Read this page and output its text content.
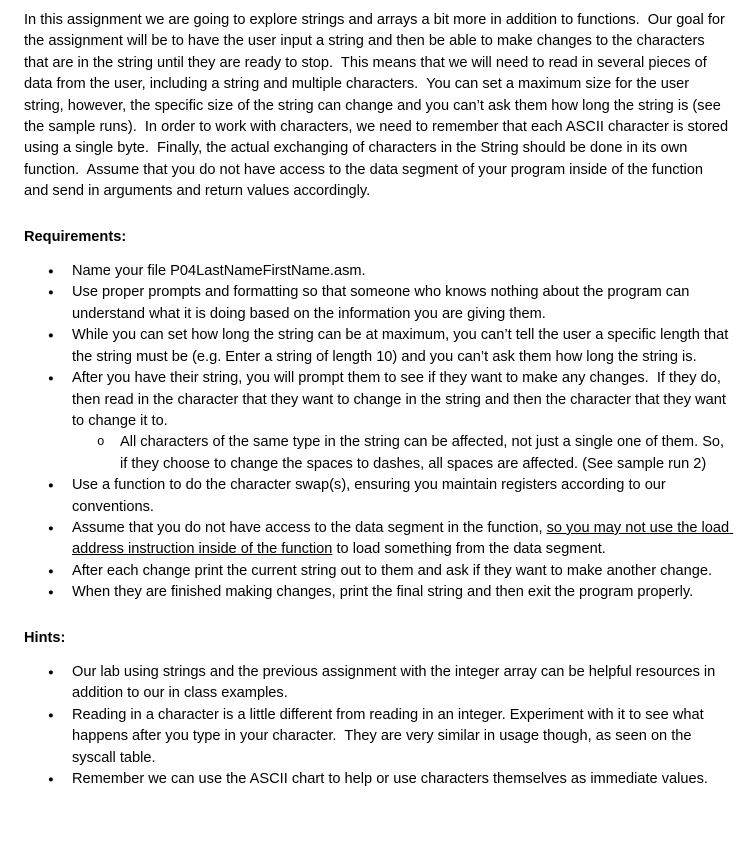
In this assignment we are going to explore strings and arrays a bit more in addition to functions.  Our goal for the assignment will be to have the user input a string and then be able to make changes to the characters that are in the string until they are ready to stop.  This means that we will need to read in several pieces of data from the user, including a string and multiple characters.  You can set a maximum size for the user string, however, the specific size of the string can change and you can’t ask them how long the string is (see the sample runs).  In order to work with characters, we need to remember that each ASCII character is stored using a single byte.  Finally, the actual exchanging of characters in the String should be done in its own function.  Assume that you do not have access to the data segment of your program inside of the function and send in arguments and return values accordingly.

Requirements:

●	Name your file P04LastNameFirstName.asm.
●	Use proper prompts and formatting so that someone who knows nothing about the program can understand what it is doing based on the information you are giving them.
●	While you can set how long the string can be at maximum, you can’t tell the user a specific length that the string must be (e.g. Enter a string of length 10) and you can’t ask them how long the string is.
●	After you have their string, you will prompt them to see if they want to make any changes.  If they do, then read in the character that they want to change in the string and then the character that they want to change it to.
o	All characters of the same type in the string can be affected, not just a single one of them. So, if they choose to change the spaces to dashes, all spaces are affected. (See sample run 2)
●	Use a function to do the character swap(s), ensuring you maintain registers according to our conventions.
●	Assume that you do not have access to the data segment in the function, so you may not use the load address instruction inside of the function to load something from the data segment.
●	After each change print the current string out to them and ask if they want to make another change.
●	When they are finished making changes, print the final string and then exit the program properly.

Hints:

●	Our lab using strings and the previous assignment with the integer array can be helpful resources in addition to our in class examples.
●	Reading in a character is a little different from reading in an integer. Experiment with it to see what happens after you type in your character.  They are very similar in usage though, as seen on the syscall table.
●	Remember we can use the ASCII chart to help or use characters themselves as immediate values.
